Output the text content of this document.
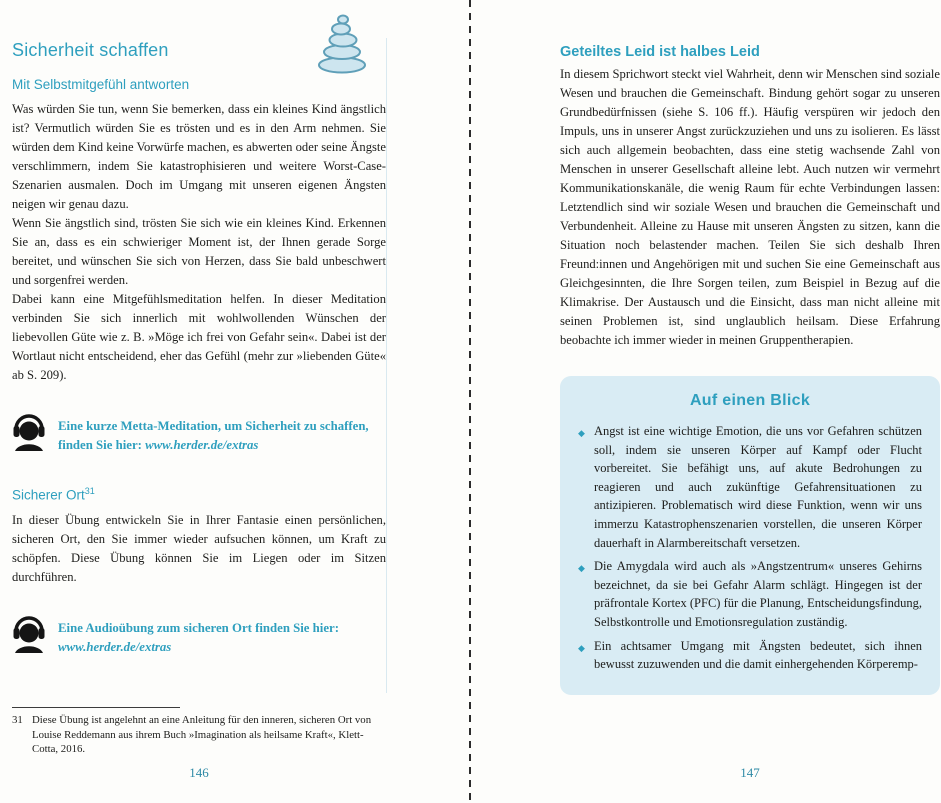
Sicherheit schaffen
Mit Selbstmitgefühl antworten

Was würden Sie tun, wenn Sie bemerken, dass ein kleines Kind ängstlich ist? Vermutlich würden Sie es trösten und es in den Arm nehmen. Sie würden dem Kind keine Vorwürfe machen, es abwerten oder seine Ängste verschlimmern, indem Sie katastrophisieren und weitere Worst-Case-Szenarien ausmalen. Doch im Umgang mit unseren eigenen Ängsten neigen wir genau dazu.

Wenn Sie ängstlich sind, trösten Sie sich wie ein kleines Kind. Erkennen Sie an, dass es ein schwieriger Moment ist, der Ihnen gerade Sorge bereitet, und wünschen Sie sich von Herzen, dass Sie bald unbeschwert und sorgenfrei werden.

Dabei kann eine Mitgefühlsmeditation helfen. In dieser Meditation verbinden Sie sich innerlich mit wohlwollenden Wünschen der liebevollen Güte wie z. B. »Möge ich frei von Gefahr sein«. Dabei ist der Wortlaut nicht entscheidend, eher das Gefühl (mehr zur »liebenden Güte« ab S. 209).

Eine kurze Metta-Meditation, um Sicherheit zu schaffen, finden Sie hier: www.herder.de/extras
Sicherer Ort$^{31}$

In dieser Übung entwickeln Sie in Ihrer Fantasie einen persönlichen, sicheren Ort, den Sie immer wieder aufsuchen können, um Kraft zu schöpfen. Diese Übung können Sie im Liegen oder im Sitzen durchführen.

Eine Audioübung zum sicheren Ort finden Sie hier:
www.herder.de/extras
31 Diese Übung ist angelehnt an eine Anleitung für den inneren, sicheren Ort von Louise Reddemann aus ihrem Buch »Imagination als heilsame Kraft«, Klett-Cotta, 2016.
146
Geteiltes Leid ist halbes Leid

In diesem Sprichwort steckt viel Wahrheit, denn wir Menschen sind soziale Wesen und brauchen die Gemeinschaft. Bindung gehört sogar zu unseren Grundbedürfnissen (siehe S. 106 ff.). Häufig verspüren wir jedoch den Impuls, uns in unserer Angst zurückzuziehen und uns zu isolieren. Es lässt sich auch allgemein beobachten, dass eine stetig wachsende Zahl von Menschen in unserer Gesellschaft alleine lebt. Auch nutzen wir vermehrt Kommunikationskanäle, die wenig Raum für echte Verbindungen lassen: Letztendlich sind wir soziale Wesen und brauchen die Gemeinschaft und Verbundenheit. Alleine zu Hause mit unseren Ängsten zu sitzen, kann die Situation noch belastender machen. Teilen Sie sich deshalb Ihren Freund:innen und Angehörigen mit und suchen Sie eine Gemeinschaft aus Gleichgesinnten, die Ihre Sorgen teilen, zum Beispiel in Bezug auf die Klimakrise. Der Austausch und die Einsicht, dass man nicht alleine mit seinen Problemen ist, sind unglaublich heilsam. Diese Erfahrung beobachte ich immer wieder in meinen Gruppentherapien.

Auf einen Blick
◆ Angst ist eine wichtige Emotion, die uns vor Gefahren schützen soll, indem sie unseren Körper auf Kampf oder Flucht vorbereitet. Sie befähigt uns, auf akute Bedrohungen zu reagieren und auch zukünftige Gefahrensituationen zu antizipieren. Problematisch wird diese Funktion, wenn wir uns immerzu Katastrophenszenarien vorstellen, die unseren Körper dauerhaft in Alarmbereitschaft versetzen.
◆ Die Amygdala wird auch als »Angstzentrum« unseres Gehirns bezeichnet, da sie bei Gefahr Alarm schlägt. Hingegen ist der präfrontale Kortex (PFC) für die Planung, Entscheidungsfindung, Selbstkontrolle und Emotionsregulation zuständig.
◆ Ein achtsamer Umgang mit Ängsten bedeutet, sich ihnen bewusst zuzuwenden und die damit einhergehenden Körperemp-
147
